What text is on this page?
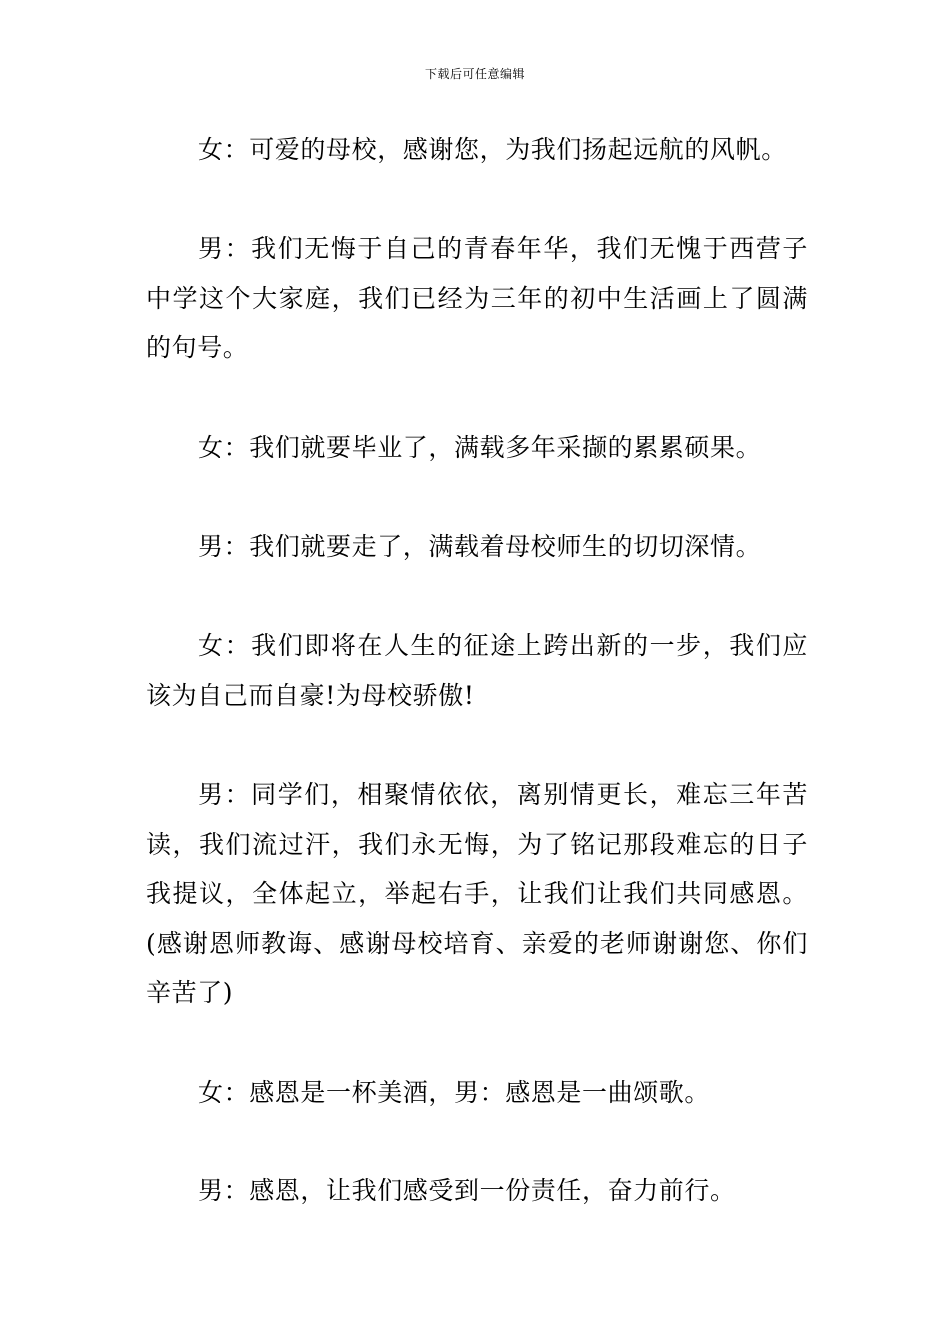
下载后可任意编辑

女：可爱的母校，感谢您，为我们扬起远航的风帆。

男：我们无悔于自己的青春年华，我们无愧于西营子中学这个大家庭，我们已经为三年的初中生活画上了圆满的句号。

女：我们就要毕业了，满载多年采撷的累累硕果。

男：我们就要走了，满载着母校师生的切切深情。

女：我们即将在人生的征途上跨出新的一步，我们应该为自己而自豪!为母校骄傲!

男：同学们，相聚情依依，离别情更长，难忘三年苦读，我们流过汗，我们永无悔，为了铭记那段难忘的日子我提议，全体起立，举起右手，让我们让我们共同感恩。(感谢恩师教诲、感谢母校培育、亲爱的老师谢谢您、你们辛苦了)

女：感恩是一杯美酒，男：感恩是一曲颂歌。

男：感恩，让我们感受到一份责任，奋力前行。
